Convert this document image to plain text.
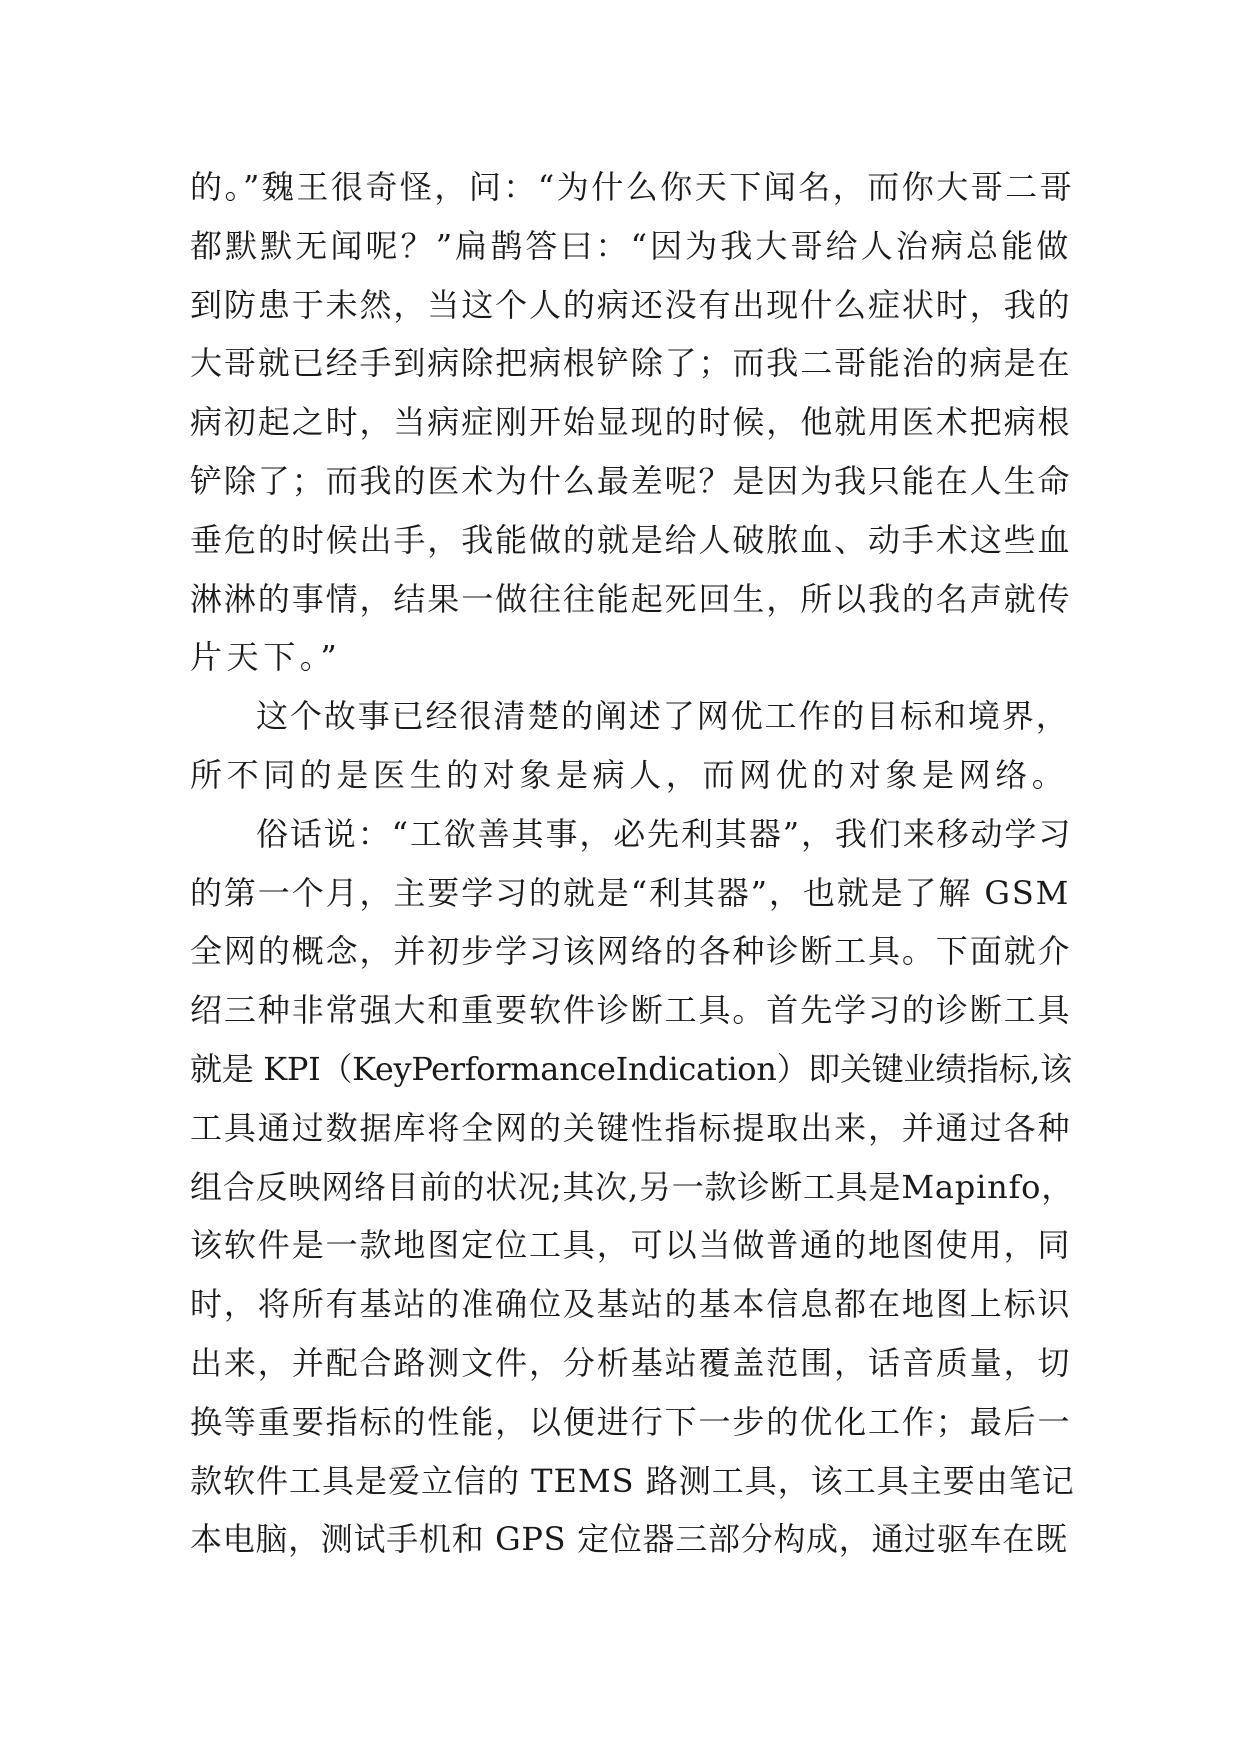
的。”魏王很奇怪，问：“为什么你天下闻名，而你大哥二哥
都默默无闻呢？”扁鹊答曰：“因为我大哥给人治病总能做
到防患于未然，当这个人的病还没有出现什么症状时，我的
大哥就已经手到病除把病根铲除了；而我二哥能治的病是在
病初起之时，当病症刚开始显现的时候，他就用医术把病根
铲除了；而我的医术为什么最差呢？是因为我只能在人生命
垂危的时候出手，我能做的就是给人破脓血、动手术这些血
淋淋的事情，结果一做往往能起死回生，所以我的名声就传
片天下。”
这个故事已经很清楚的阐述了网优工作的目标和境界，
所不同的是医生的对象是病人，而网优的对象是网络。
俗话说：“工欲善其事，必先利其器”，我们来移动学习
的第一个月，主要学习的就是“利其器”，也就是了解 GSM
全网的概念，并初步学习该网络的各种诊断工具。下面就介
绍三种非常强大和重要软件诊断工具。首先学习的诊断工具
就是 KPI（KeyPerformanceIndication）即关键业绩指标,该
工具通过数据库将全网的关键性指标提取出来，并通过各种
组合反映网络目前的状况;其次,另一款诊断工具是Mapinfo，
该软件是一款地图定位工具，可以当做普通的地图使用，同
时，将所有基站的准确位及基站的基本信息都在地图上标识
出来，并配合路测文件，分析基站覆盖范围，话音质量，切
换等重要指标的性能，以便进行下一步的优化工作；最后一
款软件工具是爱立信的 TEMS 路测工具，该工具主要由笔记
本电脑，测试手机和 GPS 定位器三部分构成，通过驱车在既
